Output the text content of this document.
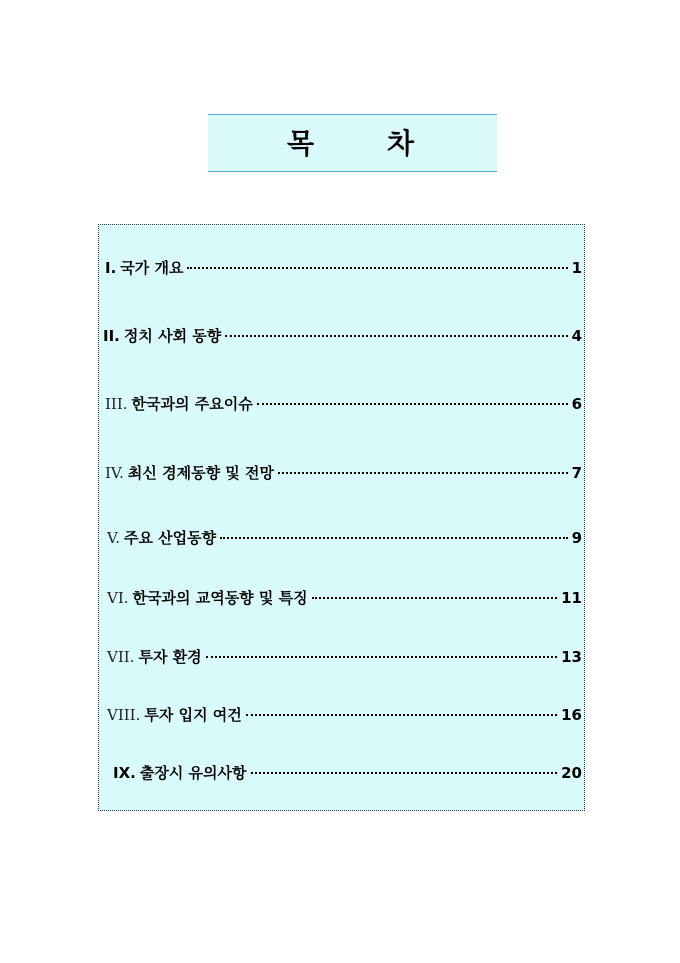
목	차
I. 국가 개요	1
II. 정치 사회 동향	4
III. 한국과의 주요이슈	6
IV. 최신 경제동향 및 전망	7
V. 주요 산업동향	9
VI. 한국과의 교역동향 및 특징	11
VII. 투자 환경	13
VIII. 투자 입지 여건	16
IX. 출장시 유의사항	20
